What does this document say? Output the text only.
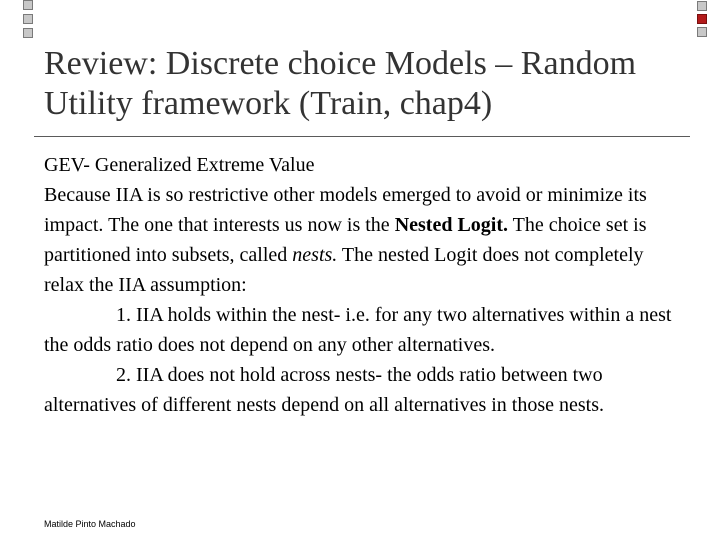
Review: Discrete choice Models – Random Utility framework (Train, chap4)

GEV- Generalized Extreme Value

Because IIA is so restrictive other models emerged to avoid or minimize its impact. The one that interests us now is the Nested Logit. The choice set is partitioned into subsets, called nests. The nested Logit does not completely relax the IIA assumption:

1. IIA holds within the nest- i.e. for any two alternatives within a nest the odds ratio does not depend on any other alternatives.

2. IIA does not hold across nests- the odds ratio between two alternatives of different nests depend on all alternatives in those nests.

Matilde Pinto Machado
